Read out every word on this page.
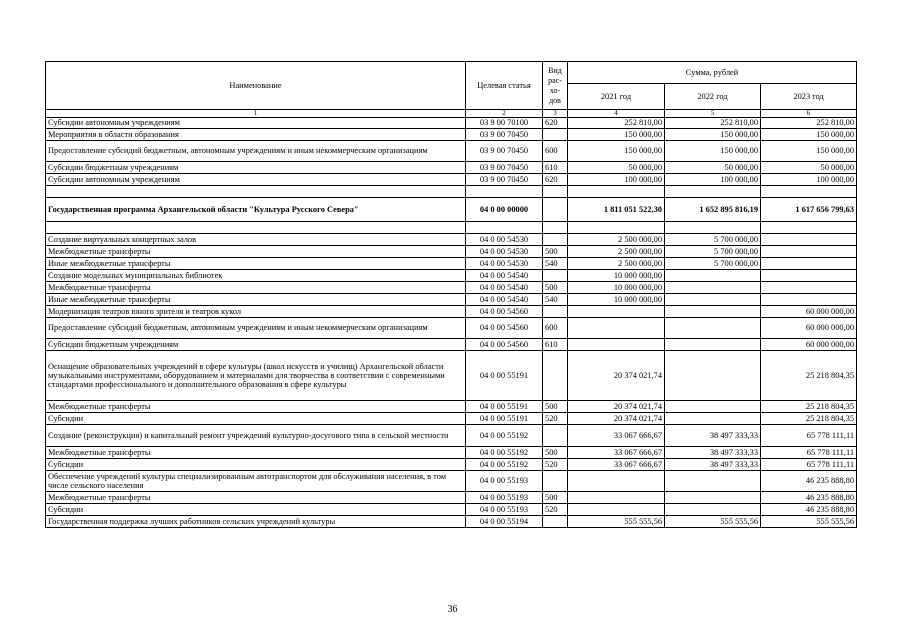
Наименование	Целевая статья	Вид рас-хо-дов	Сумма, рублей		
			2021 год	2022 год	2023 год
1	2	3	4	5	6
Субсидии автономным учреждениям	03 9 00 70100	620	252 810,00	252 810,00	252 810,00
Мероприятия в области образования	03 9 00 70450		150 000,00	150 000,00	150 000,00
Предоставление субсидий бюджетным, автономным учреждениям и иным некоммерческим организациям	03 9 00 70450	600	150 000,00	150 000,00	150 000,00
Субсидии бюджетным учреждениям	03 9 00 70450	610	50 000,00	50 000,00	50 000,00
Субсидии автономным учреждениям	03 9 00 70450	620	100 000,00	100 000,00	100 000,00

Государственная программа Архангельской области "Культура Русского Севера"	04 0 00 00000		1 811 051 522,30	1 652 895 816,19	1 617 656 799,63

Создание виртуальных концертных залов	04 0 00 54530		2 500 000,00	5 700 000,00	
Межбюджетные трансферты	04 0 00 54530	500	2 500 000,00	5 700 000,00	
Иные межбюджетные трансферты	04 0 00 54530	540	2 500 000,00	5 700 000,00	
Создание модельных муниципальных библиотек	04 0 00 54540		10 000 000,00		
Межбюджетные трансферты	04 0 00 54540	500	10 000 000,00		
Иные межбюджетные трансферты	04 0 00 54540	540	10 000 000,00		
Модернизация театров юного зрителя и театров кукол	04 0 00 54560				60 000 000,00
Предоставление субсидий бюджетным, автономным учреждениям и иным некоммерческим организациям	04 0 00 54560	600			60 000 000,00
Субсидии бюджетным учреждениям	04 0 00 54560	610			60 000 000,00
Оснащение образовательных учреждений в сфере культуры (школ искусств и училищ) Архангельской области музыкальными инструментами, оборудованием и материалами для творчества в соответствии с современными стандартами профессионального и дополнительного образования в сфере культуры	04 0 00 55191		20 374 021,74		25 218 804,35
Межбюджетные трансферты	04 0 00 55191	500	20 374 021,74		25 218 804,35
Субсидии	04 0 00 55191	520	20 374 021,74		25 218 804,35
Создание (реконструкция) и капитальный ремонт учреждений культурно-досугового типа в сельской местности	04 0 00 55192		33 067 666,67	38 497 333,33	65 778 111,11
Межбюджетные трансферты	04 0 00 55192	500	33 067 666,67	38 497 333,33	65 778 111,11
Субсидии	04 0 00 55192	520	33 067 666,67	38 497 333,33	65 778 111,11
Обеспечение учреждений культуры специализированным автотранспортом для обслуживания населения, в том числе сельского населения	04 0 00 55193				46 235 888,80
Межбюджетные трансферты	04 0 00 55193	500			46 235 888,80
Субсидии	04 0 00 55193	520			46 235 888,80
Государственная поддержка лучших работников сельских учреждений культуры	04 0 00 55194		555 555,56	555 555,56	555 555,56
36
